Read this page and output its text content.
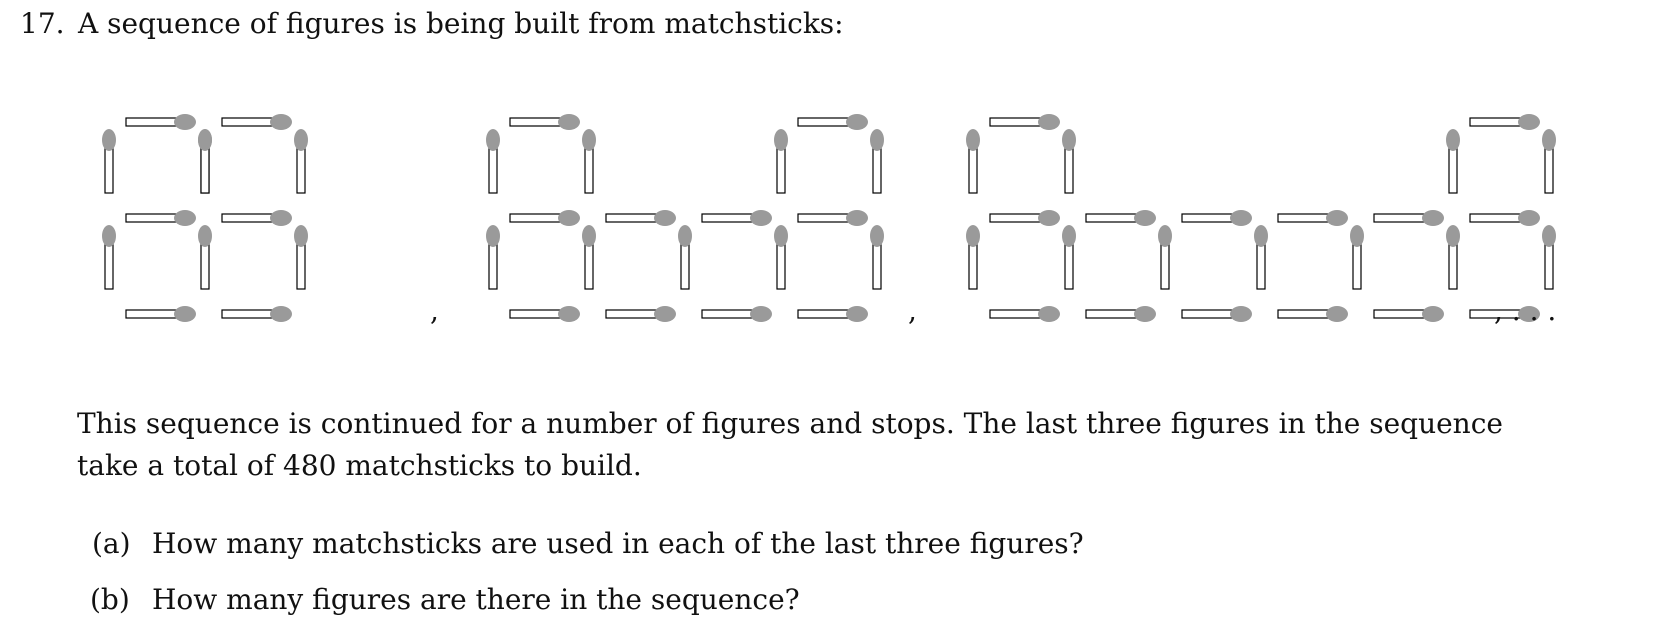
17. A sequence of figures is being built from matchsticks:
,	,	, . . .
This sequence is continued for a number of figures and stops. The last three figures in the sequence
take a total of 480 matchsticks to build.
(a) How many matchsticks are used in each of the last three figures?
(b) How many figures are there in the sequence?
